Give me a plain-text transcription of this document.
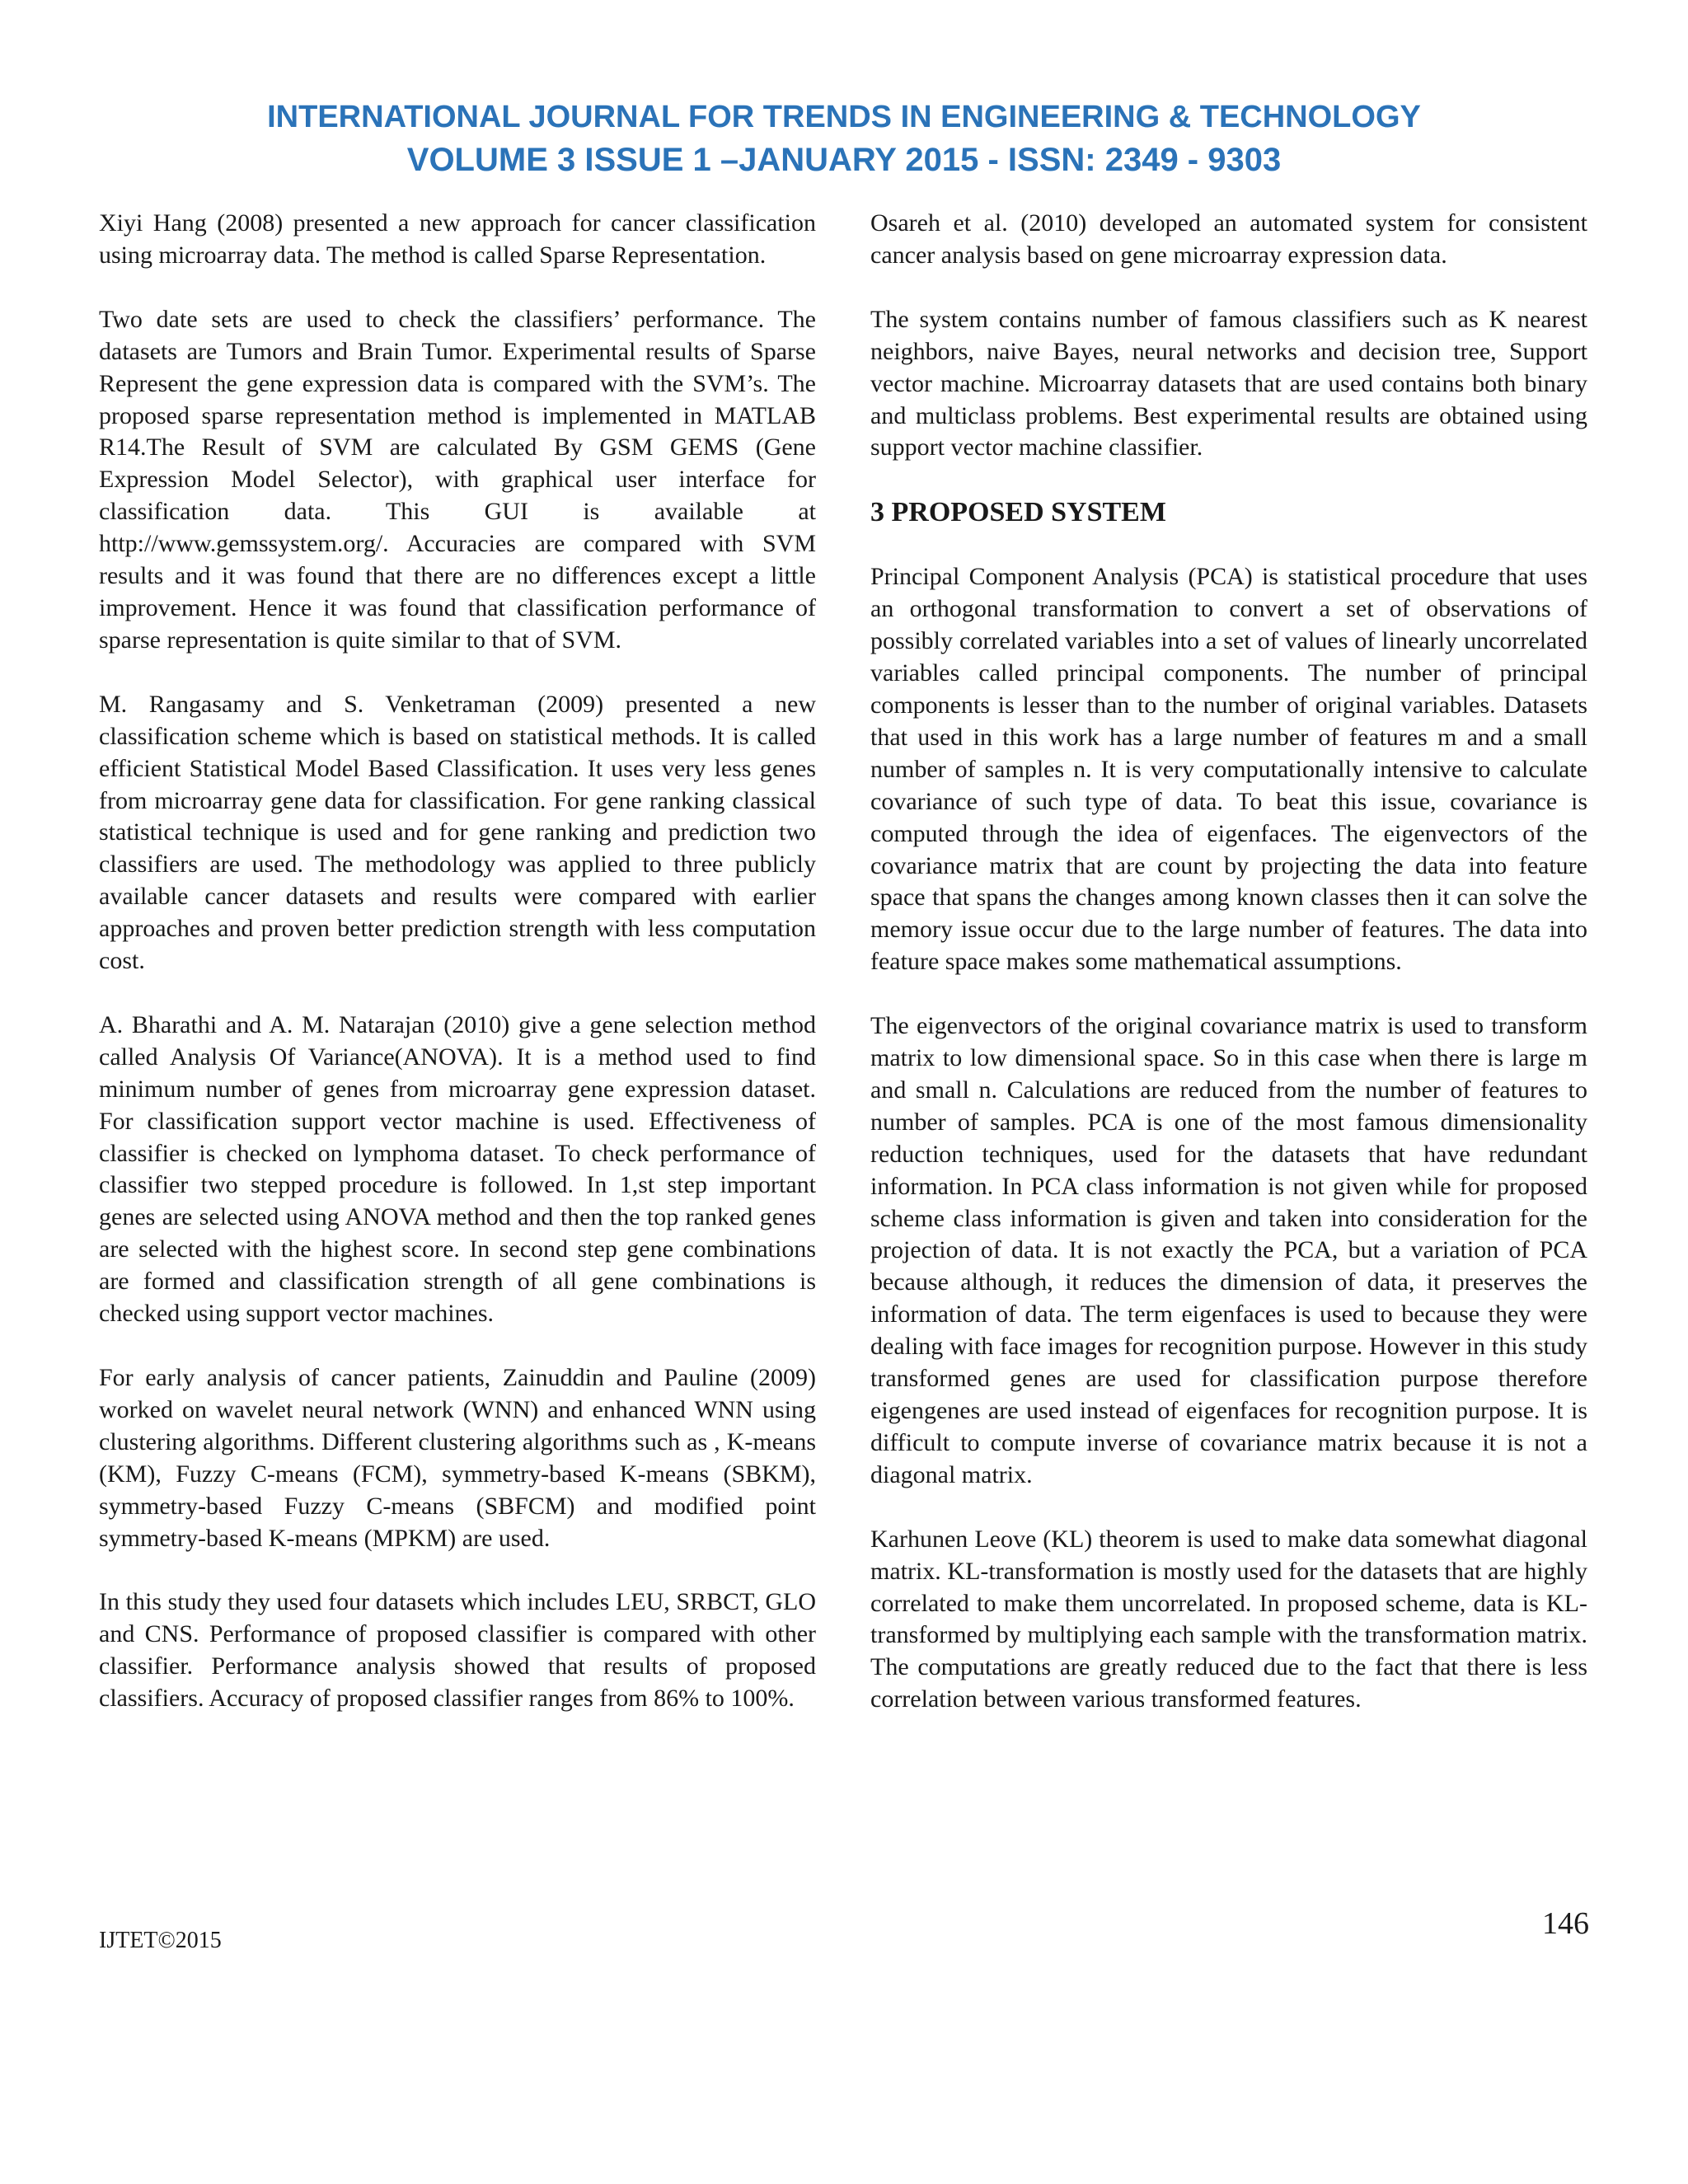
INTERNATIONAL JOURNAL FOR TRENDS IN ENGINEERING & TECHNOLOGY
VOLUME 3 ISSUE 1 –JANUARY 2015 - ISSN: 2349 - 9303

Xiyi Hang (2008) presented a new approach for cancer classification using microarray data. The method is called Sparse Representation.

Two date sets are used to check the classifiers’ performance. The datasets are Tumors and Brain Tumor. Experimental results of Sparse Represent the gene expression data is compared with the SVM’s. The proposed sparse representation method is implemented in MATLAB R14.The Result of SVM are calculated By GSM GEMS (Gene Expression Model Selector), with graphical user interface for classification data. This GUI is available at http://www.gemssystem.org/. Accuracies are compared with SVM results and it was found that there are no differences except a little improvement. Hence it was found that classification performance of sparse representation is quite similar to that of SVM.

M. Rangasamy and S. Venketraman (2009) presented a new classification scheme which is based on statistical methods. It is called efficient Statistical Model Based Classification. It uses very less genes from microarray gene data for classification. For gene ranking classical statistical technique is used and for gene ranking and prediction two classifiers are used. The methodology was applied to three publicly available cancer datasets and results were compared with earlier approaches and proven better prediction strength with less computation cost.

A. Bharathi and A. M. Natarajan (2010) give a gene selection method called Analysis Of Variance(ANOVA). It is a method used to find minimum number of genes from microarray gene expression dataset. For classification support vector machine is used. Effectiveness of classifier is checked on lymphoma dataset. To check performance of classifier two stepped procedure is followed. In 1,st step important genes are selected using ANOVA method and then the top ranked genes are selected with the highest score. In second step gene combinations are formed and classification strength of all gene combinations is checked using support vector machines.

For early analysis of cancer patients, Zainuddin and Pauline (2009) worked on wavelet neural network (WNN) and enhanced WNN using clustering algorithms. Different clustering algorithms such as , K-means (KM), Fuzzy C-means (FCM), symmetry-based K-means (SBKM), symmetry-based Fuzzy C-means (SBFCM) and modified point symmetry-based K-means (MPKM) are used.

In this study they used four datasets which includes LEU, SRBCT, GLO and CNS. Performance of proposed classifier is compared with other classifier. Performance analysis showed that results of proposed classifiers. Accuracy of proposed classifier ranges from 86% to 100%.

Osareh et al. (2010) developed an automated system for consistent cancer analysis based on gene microarray expression data.

The system contains number of famous classifiers such as K nearest neighbors, naive Bayes, neural networks and decision tree, Support vector machine. Microarray datasets that are used contains both binary and multiclass problems. Best experimental results are obtained using support vector machine classifier.

3 PROPOSED SYSTEM

Principal Component Analysis (PCA) is statistical procedure that uses an orthogonal transformation to convert a set of observations of possibly correlated variables into a set of values of linearly uncorrelated variables called principal components. The number of principal components is lesser than to the number of original variables. Datasets that used in this work has a large number of features m and a small number of samples n. It is very computationally intensive to calculate covariance of such type of data. To beat this issue, covariance is computed through the idea of eigenfaces. The eigenvectors of the covariance matrix that are count by projecting the data into feature space that spans the changes among known classes then it can solve the memory issue occur due to the large number of features. The data into feature space makes some mathematical assumptions.

The eigenvectors of the original covariance matrix is used to transform matrix to low dimensional space. So in this case when there is large m and small n. Calculations are reduced from the number of features to number of samples. PCA is one of the most famous dimensionality reduction techniques, used for the datasets that have redundant information. In PCA class information is not given while for proposed scheme class information is given and taken into consideration for the projection of data. It is not exactly the PCA, but a variation of PCA because although, it reduces the dimension of data, it preserves the information of data. The term eigenfaces is used to because they were dealing with face images for recognition purpose. However in this study transformed genes are used for classification purpose therefore eigengenes are used instead of eigenfaces for recognition purpose. It is difficult to compute inverse of covariance matrix because it is not a diagonal matrix.

Karhunen Leove (KL) theorem is used to make data somewhat diagonal matrix. KL-transformation is mostly used for the datasets that are highly correlated to make them uncorrelated. In proposed scheme, data is KL-transformed by multiplying each sample with the transformation matrix. The computations are greatly reduced due to the fact that there is less correlation between various transformed features.

IJTET©2015	146
